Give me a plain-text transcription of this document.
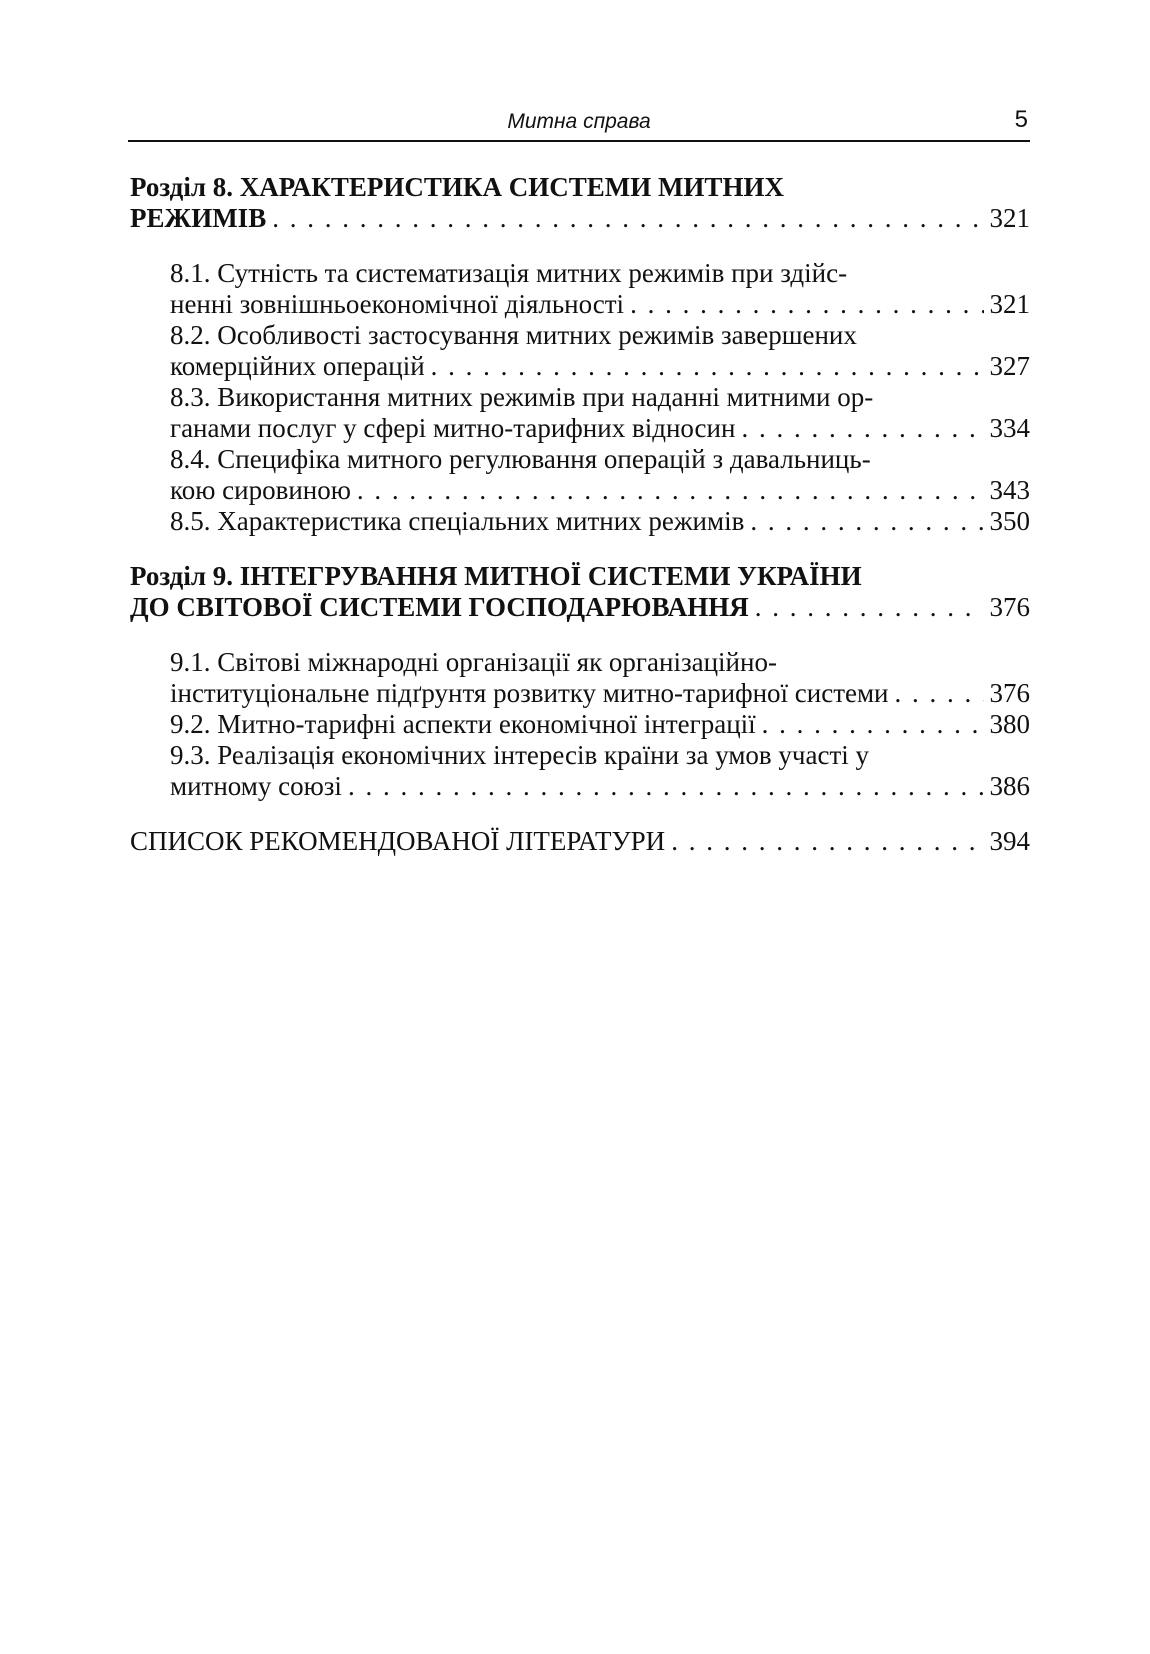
Митна справа	5
Розділ 8. ХАРАКТЕРИСТИКА СИСТЕМИ МИТНИХ
РЕЖИМІВ . . .	321
8.1. Сутність та систематизація митних режимів при здійс-
ненні зовнішньоекономічної діяльності . . .	321
8.2. Особливості застосування митних режимів завершених
комерційних операцій . . .	327
8.3. Використання митних режимів при наданні митними ор-
ганами послуг у сфері митно-тарифних відносин . . .	334
8.4. Специфіка митного регулювання операцій з давальниць-
кою сировиною . . .	343
8.5. Характеристика спеціальних митних режимів . . .	350
Розділ 9. ІНТЕГРУВАННЯ МИТНОЇ СИСТЕМИ УКРАЇНИ
ДО СВІТОВОЇ СИСТЕМИ ГОСПОДАРЮВАННЯ . . .	376
9.1. Світові міжнародні організації як організаційно-
інституціональне підґрунтя розвитку митно-тарифної системи . . .	376
9.2. Митно-тарифні аспекти економічної інтеграції . . .	380
9.3. Реалізація економічних інтересів країни за умов участі у
митному союзі . . .	386
СПИСОК РЕКОМЕНДОВАНОЇ ЛІТЕРАТУРИ . . .	394
